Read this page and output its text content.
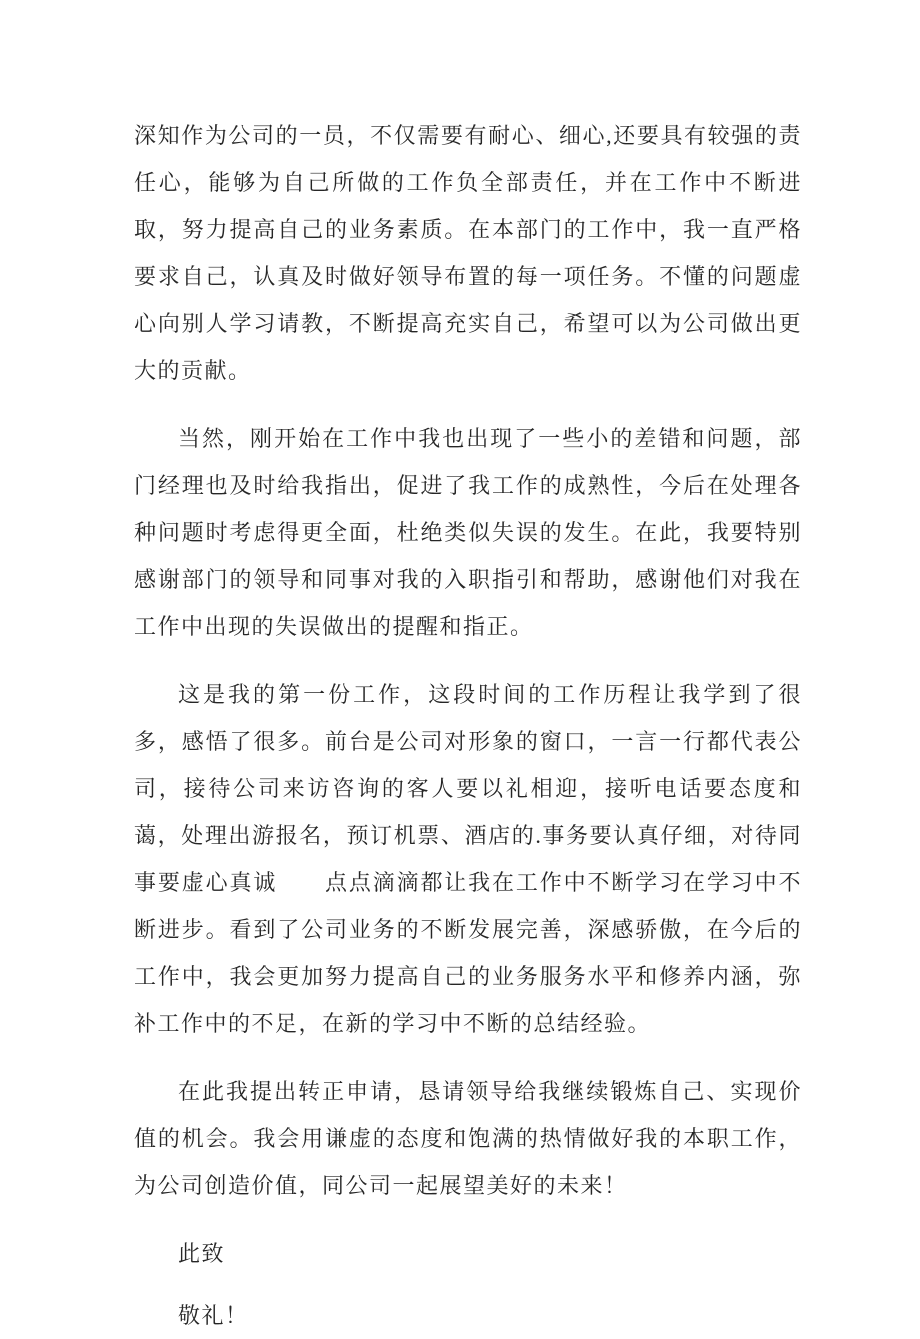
深知作为公司的一员，不仅需要有耐心、细心,还要具有较强的责任心，能够为自己所做的工作负全部责任，并在工作中不断进取，努力提高自己的业务素质。在本部门的工作中，我一直严格要求自己，认真及时做好领导布置的每一项任务。不懂的问题虚心向别人学习请教，不断提高充实自己，希望可以为公司做出更大的贡献。

当然，刚开始在工作中我也出现了一些小的差错和问题，部门经理也及时给我指出，促进了我工作的成熟性，今后在处理各种问题时考虑得更全面，杜绝类似失误的发生。在此，我要特别感谢部门的领导和同事对我的入职指引和帮助，感谢他们对我在工作中出现的失误做出的提醒和指正。

这是我的第一份工作，这段时间的工作历程让我学到了很多，感悟了很多。前台是公司对形象的窗口，一言一行都代表公司，接待公司来访咨询的客人要以礼相迎，接听电话要态度和蔼，处理出游报名，预订机票、酒店的.事务要认真仔细，对待同事要虚心真诚　　点点滴滴都让我在工作中不断学习在学习中不断进步。看到了公司业务的不断发展完善，深感骄傲，在今后的工作中，我会更加努力提高自己的业务服务水平和修养内涵，弥补工作中的不足，在新的学习中不断的总结经验。

在此我提出转正申请，恳请领导给我继续锻炼自己、实现价值的机会。我会用谦虚的态度和饱满的热情做好我的本职工作，为公司创造价值，同公司一起展望美好的未来！

此致

敬礼！
